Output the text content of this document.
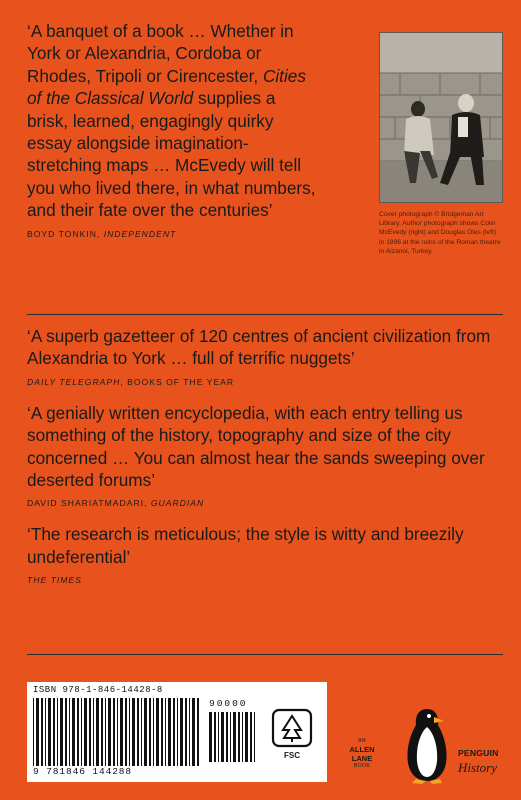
‘A banquet of a book … Whether in York or Alexandria, Cordoba or Rhodes, Tripoli or Cirencester, Cities of the Classical World supplies a brisk, learned, engagingly quirky essay alongside imagination-stretching maps … McEvedy will tell you who lived there, in what numbers, and their fate over the centuries’
BOYD TONKIN, INDEPENDENT

Cover photograph © Bridgeman Art Library. Author photograph shows Colin McEvedy (right) and Douglas Oles (left) in 1996 at the ruins of the Roman theatre in Aizanoi, Turkey.

‘A superb gazetteer of 120 centres of ancient civilization from Alexandria to York … full of terrific nuggets’

DAILY TELEGRAPH, BOOKS OF THE YEAR

‘A genially written encyclopedia, with each entry telling us something of the history, topography and size of the city concerned … You can almost hear the sands sweeping over deserted forums’

DAVID SHARIATMADARI, GUARDIAN

‘The research is meticulous; the style is witty and breezily undeferential’

THE TIMES
ISBN 978-1-846-14428-8
9 781846 144288
90000
FSC
AN
ALLEN
LANE
BOOK
PENGUIN
History
